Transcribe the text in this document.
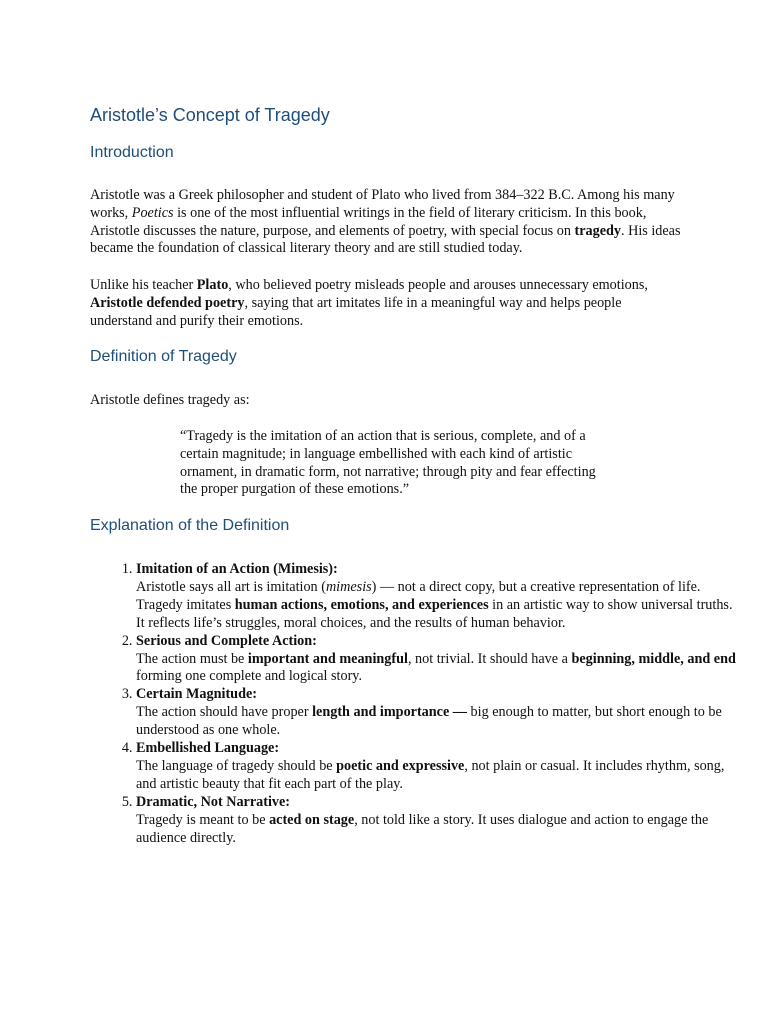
Aristotle’s Concept of Tragedy
Introduction

Aristotle was a Greek philosopher and student of Plato who lived from 384–322 B.C. Among his many works, Poetics is one of the most influential writings in the field of literary criticism. In this book, Aristotle discusses the nature, purpose, and elements of poetry, with special focus on tragedy. His ideas became the foundation of classical literary theory and are still studied today.

Unlike his teacher Plato, who believed poetry misleads people and arouses unnecessary emotions, Aristotle defended poetry, saying that art imitates life in a meaningful way and helps people understand and purify their emotions.

Definition of Tragedy

Aristotle defines tragedy as:

“Tragedy is the imitation of an action that is serious, complete, and of a certain magnitude; in language embellished with each kind of artistic ornament, in dramatic form, not narrative; through pity and fear effecting the proper purgation of these emotions.”

Explanation of the Definition
1. Imitation of an Action (Mimesis):
Aristotle says all art is imitation (mimesis) — not a direct copy, but a creative representation of life.
Tragedy imitates human actions, emotions, and experiences in an artistic way to show universal truths. It reflects life’s struggles, moral choices, and the results of human behavior.
2. Serious and Complete Action:
The action must be important and meaningful, not trivial. It should have a beginning, middle, and end forming one complete and logical story.
3. Certain Magnitude:
The action should have proper length and importance — big enough to matter, but short enough to be understood as one whole.
4. Embellished Language:
The language of tragedy should be poetic and expressive, not plain or casual. It includes rhythm, song, and artistic beauty that fit each part of the play.
5. Dramatic, Not Narrative:
Tragedy is meant to be acted on stage, not told like a story. It uses dialogue and action to engage the audience directly.
